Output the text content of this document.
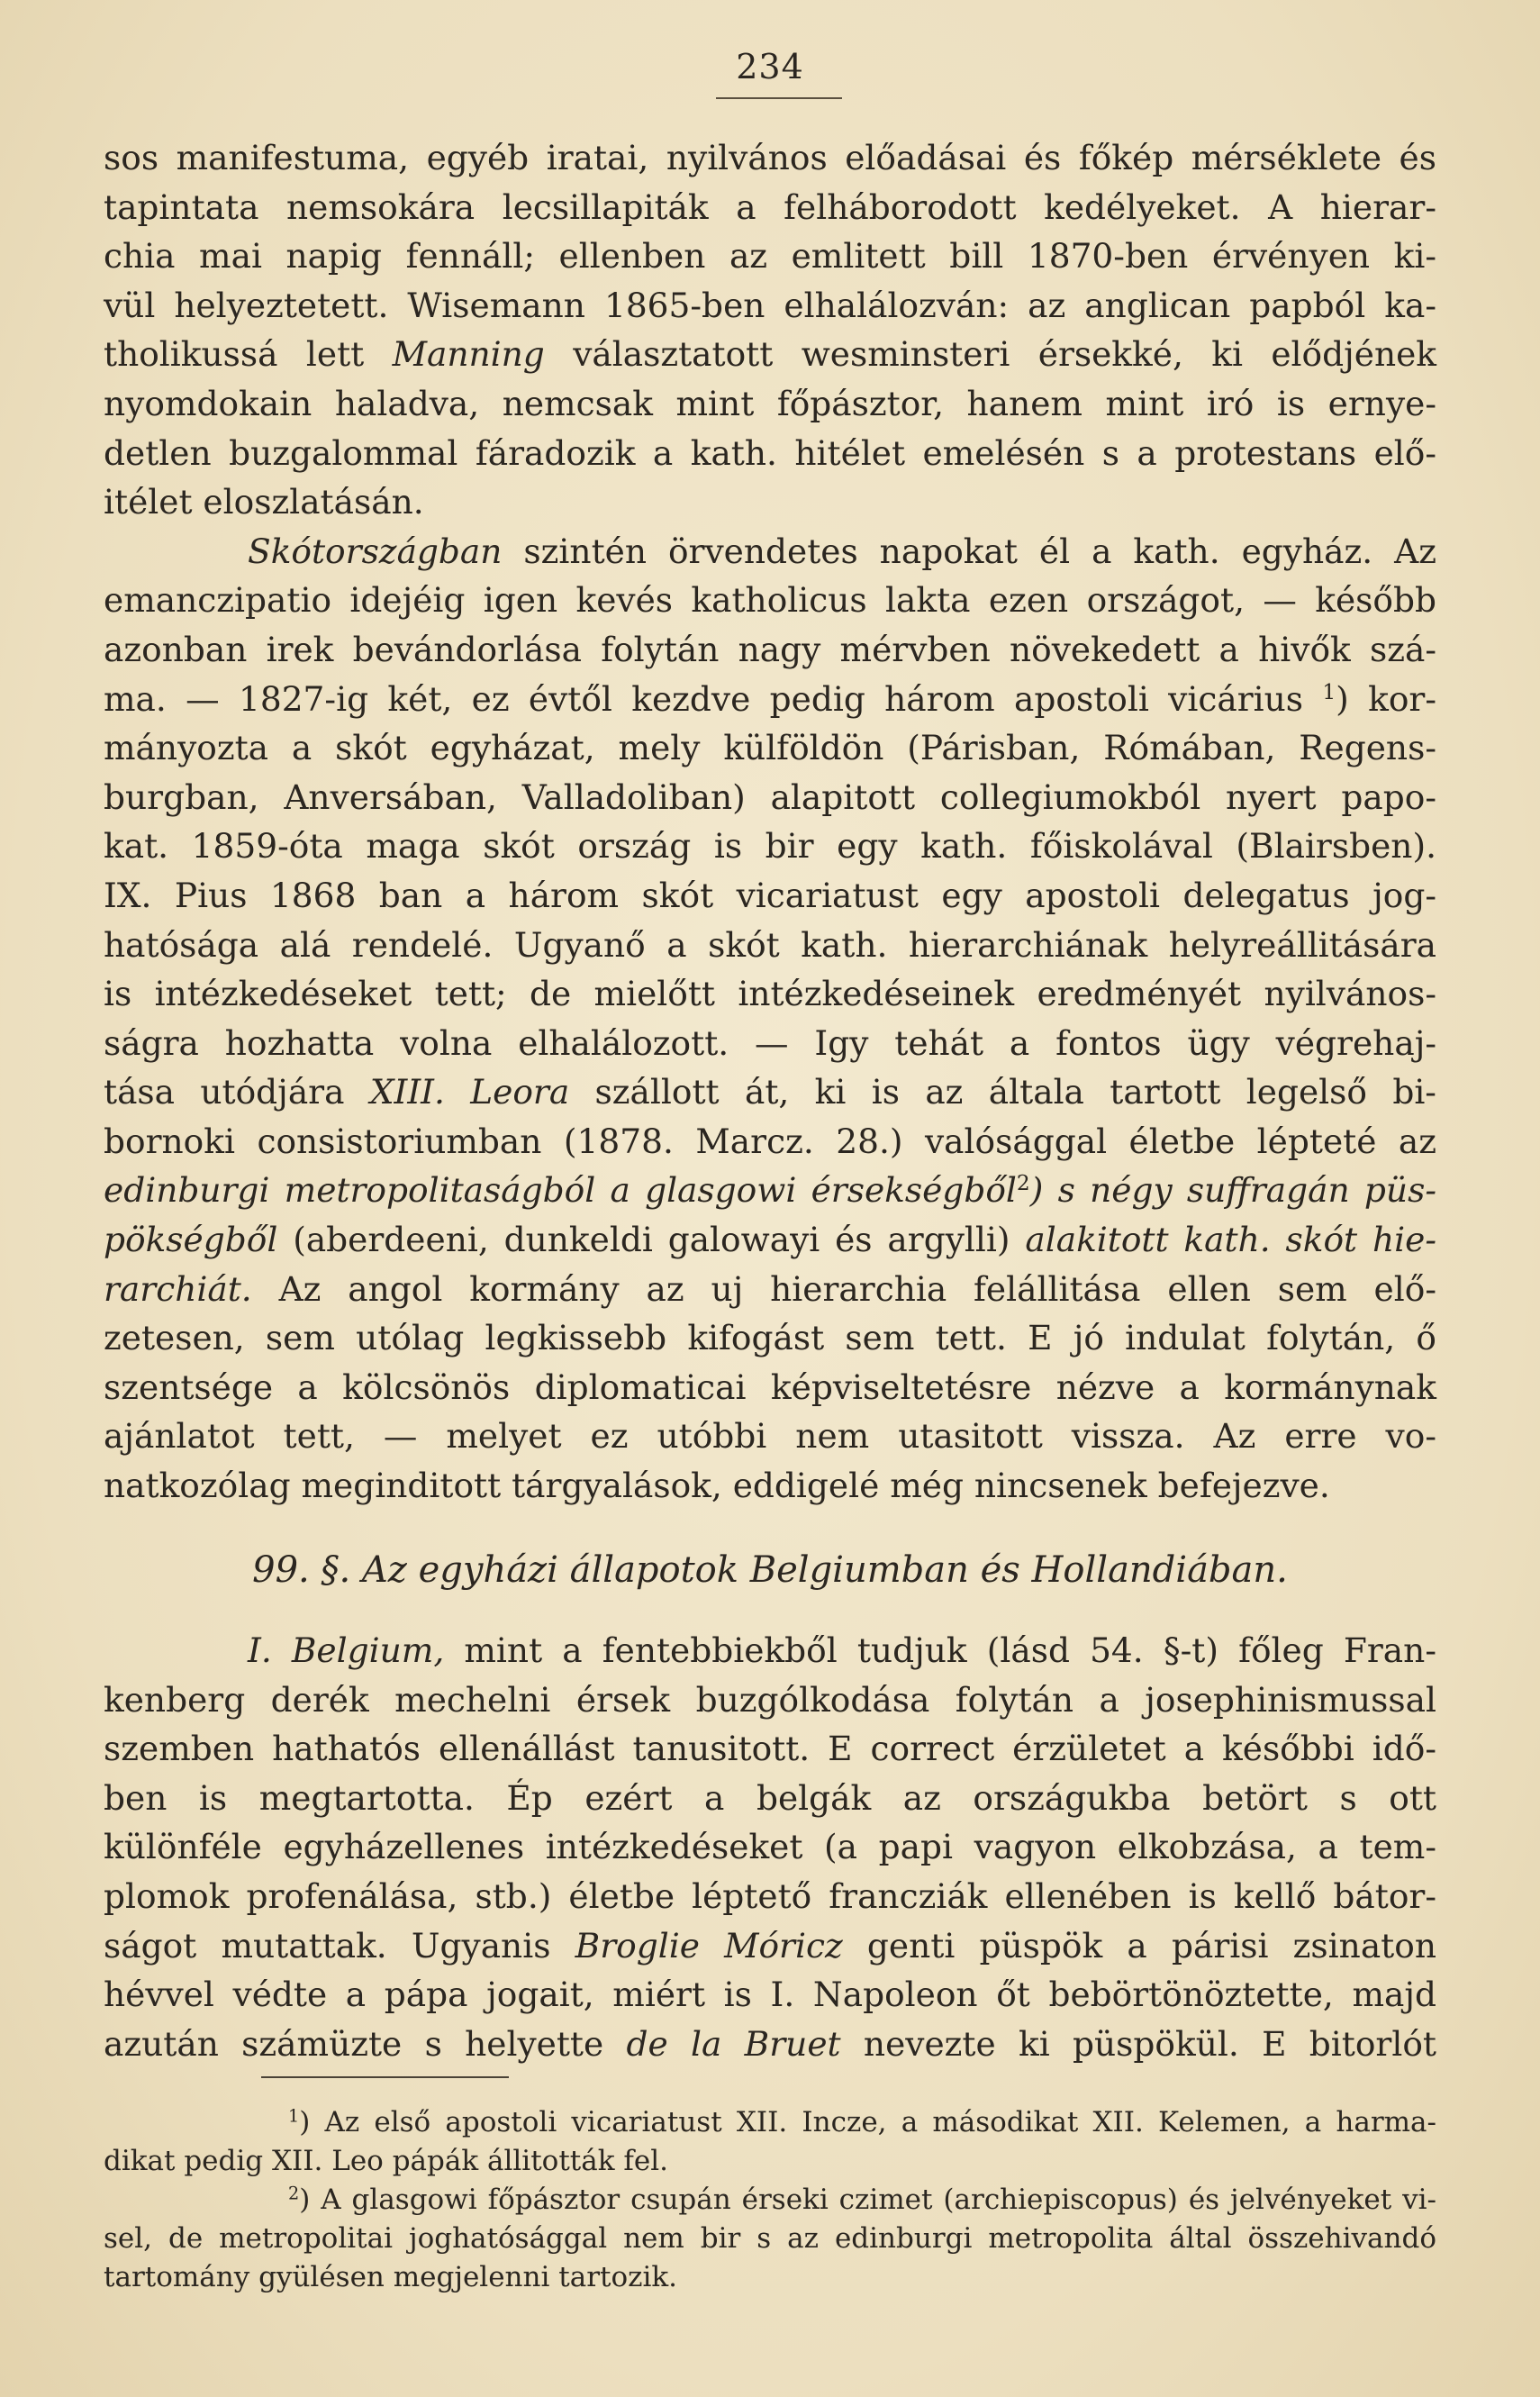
234
sos manifestuma, egyéb iratai, nyilvános előadásai és főkép mérséklete és
tapintata nemsokára lecsillapiták a felháborodott kedélyeket. A hierar-
chia mai napig fennáll; ellenben az emlitett bill 1870-ben érvényen ki-
vül helyeztetett. Wisemann 1865-ben elhalálozván: az anglican papból ka-
tholikussá lett Manning választatott wesminsteri érsekké, ki elődjének
nyomdokain haladva, nemcsak mint főpásztor, hanem mint iró is ernye-
detlen buzgalommal fáradozik a kath. hitélet emelésén s a protestans elő-
itélet eloszlatásán.
Skótországban szintén örvendetes napokat él a kath. egyház. Az
emanczipatio idejéig igen kevés katholicus lakta ezen országot, — később
azonban irek bevándorlása folytán nagy mérvben növekedett a hivők szá-
ma. — 1827-ig két, ez évtől kezdve pedig három apostoli vicárius $^1$) kor-
mányozta a skót egyházat, mely külföldön (Párisban, Rómában, Regens-
burgban, Anversában, Valladoliban) alapitott collegiumokból nyert papo-
kat. 1859-óta maga skót ország is bir egy kath. főiskolával (Blairsben).
IX. Pius 1868 ban a három skót vicariatust egy apostoli delegatus jog-
hatósága alá rendelé. Ugyanő a skót kath. hierarchiának helyreállitására
is intézkedéseket tett; de mielőtt intézkedéseinek eredményét nyilvános-
ságra hozhatta volna elhalálozott. — Igy tehát a fontos ügy végrehaj-
tása utódjára XIII. Leora szállott át, ki is az általa tartott legelső bi-
bornoki consistoriumban (1878. Marcz. 28.) valósággal életbe lépteté az
edinburgi metropolitaságból a glasgowi érsekségből$^2$) s négy suffragán püs-
pökségből (aberdeeni, dunkeldi galowayi és argylli) alakitott kath. skót hie-
rarchiát. Az angol kormány az uj hierarchia felállitása ellen sem elő-
zetesen, sem utólag legkissebb kifogást sem tett. E jó indulat folytán, ő
szentsége a kölcsönös diplomaticai képviseltetésre nézve a kormánynak
ajánlatot tett, — melyet ez utóbbi nem utasitott vissza. Az erre vo-
natkozólag meginditott tárgyalások, eddigelé még nincsenek befejezve.
99. §. Az egyházi állapotok Belgiumban és Hollandiában.
I. Belgium, mint a fentebbiekből tudjuk (lásd 54. §-t) főleg Fran-
kenberg derék mechelni érsek buzgólkodása folytán a josephinismussal
szemben hathatós ellenállást tanusitott. E correct érzületet a későbbi idő-
ben is megtartotta. Ép ezért a belgák az országukba betört s ott
különféle egyházellenes intézkedéseket (a papi vagyon elkobzása, a tem-
plomok profenálása, stb.) életbe léptető francziák ellenében is kellő bátor-
ságot mutattak. Ugyanis Broglie Móricz genti püspök a párisi zsinaton
hévvel védte a pápa jogait, miért is I. Napoleon őt bebörtönöztette, majd
azután számüzte s helyette de la Bruet nevezte ki püspökül. E bitorlót
$^1$) Az első apostoli vicariatust XII. Incze, a másodikat XII. Kelemen, a harma-
dikat pedig XII. Leo pápák állitották fel.
$^2$) A glasgowi főpásztor csupán érseki czimet (archiepiscopus) és jelvényeket vi-
sel, de metropolitai joghatósággal nem bir s az edinburgi metropolita által összehivandó
tartomány gyülésen megjelenni tartozik.
